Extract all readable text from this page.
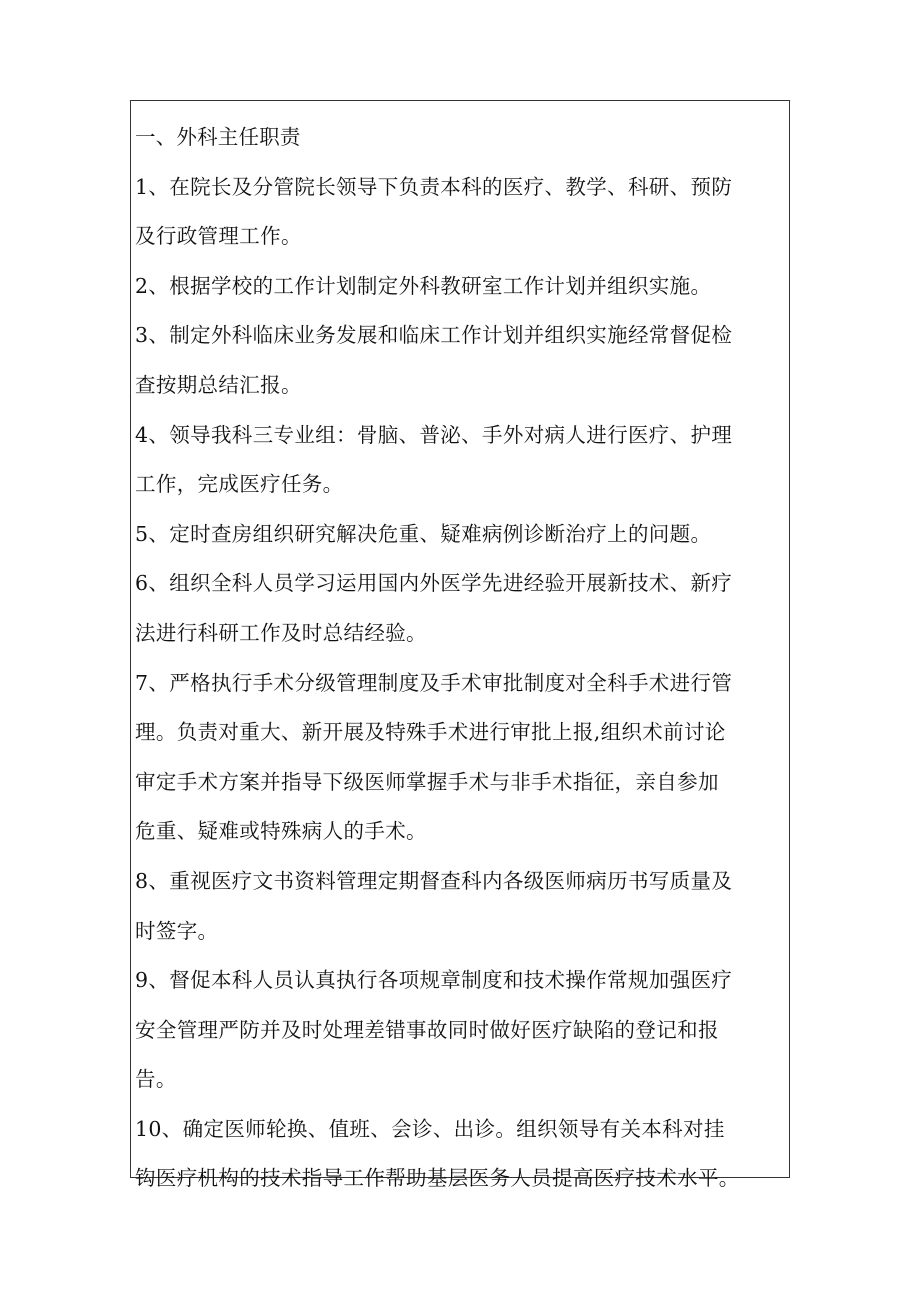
一、外科主任职责
1、在院长及分管院长领导下负责本科的医疗、教学、科研、预防
及行政管理工作。
2、根据学校的工作计划制定外科教研室工作计划并组织实施。
3、制定外科临床业务发展和临床工作计划并组织实施经常督促检
查按期总结汇报。
4、领导我科三专业组：骨脑、普泌、手外对病人进行医疗、护理
工作，完成医疗任务。
5、定时查房组织研究解决危重、疑难病例诊断治疗上的问题。
6、组织全科人员学习运用国内外医学先进经验开展新技术、新疗
法进行科研工作及时总结经验。
7、严格执行手术分级管理制度及手术审批制度对全科手术进行管
理。负责对重大、新开展及特殊手术进行审批上报,组织术前讨论
审定手术方案并指导下级医师掌握手术与非手术指征，亲自参加
危重、疑难或特殊病人的手术。
8、重视医疗文书资料管理定期督查科内各级医师病历书写质量及
时签字。
9、督促本科人员认真执行各项规章制度和技术操作常规加强医疗
安全管理严防并及时处理差错事故同时做好医疗缺陷的登记和报
告。
10、确定医师轮换、值班、会诊、出诊。组织领导有关本科对挂
钩医疗机构的技术指导工作帮助基层医务人员提高医疗技术水平。
